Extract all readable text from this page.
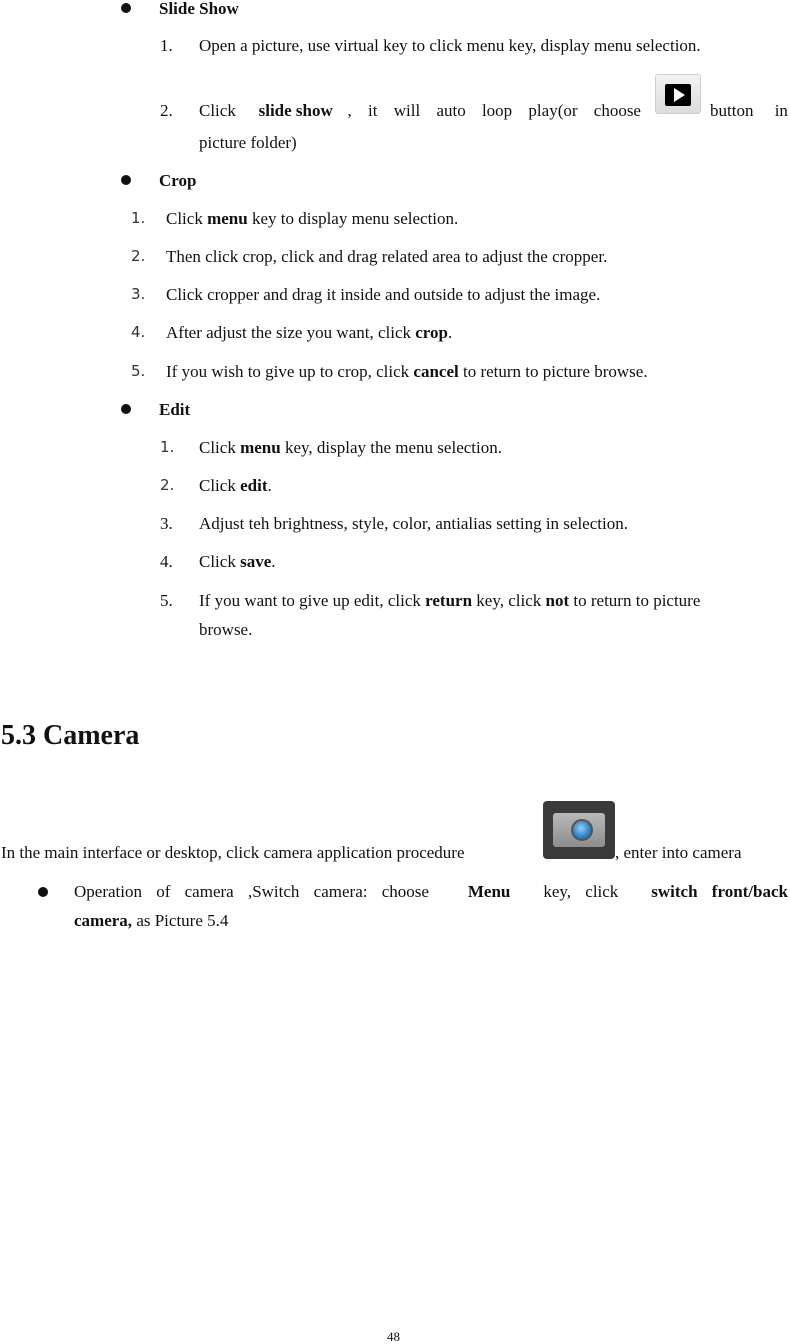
Slide Show
1. Open a picture, use virtual key to click menu key, display menu selection.
2. Click slide show , it will auto loop play(or choose	button in
picture folder)
Crop
1. Click menu key to display menu selection.
2. Then click crop, click and drag related area to adjust the cropper.
3. Click cropper and drag it inside and outside to adjust the image.
4. After adjust the size you want, click crop.
5. If you wish to give up to crop, click cancel to return to picture browse.
Edit
1. Click menu key, display the menu selection.
2. Click edit.
3. Adjust teh brightness, style, color, antialias setting in selection.
4. Click save.
5. If you want to give up edit, click return key, click not to return to picture
browse.
5.3 Camera
In the main interface or desktop, click camera application procedure	, enter into camera
Operation of camera ,Switch camera: choose Menu key, click switch front/back
camera, as Picture 5.4
48
